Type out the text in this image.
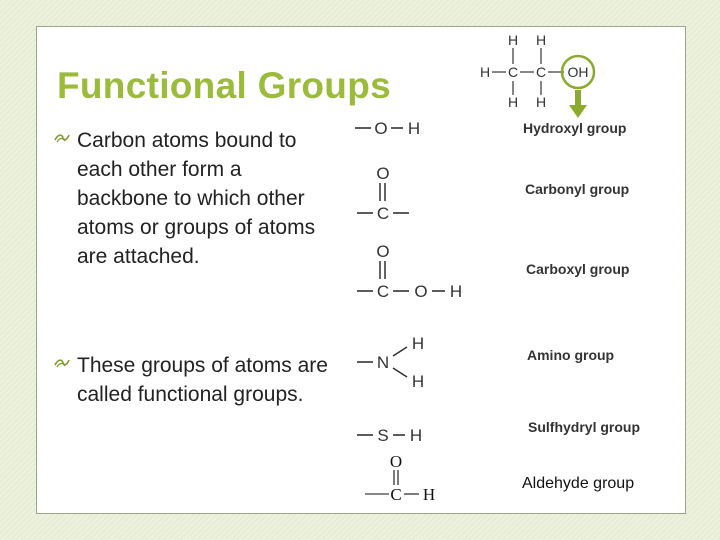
Functional Groups
Carbon atoms bound to each other form a backbone to which other atoms or groups of atoms are attached.
These groups of atoms are called functional groups.
H H
H C C OH
H H
O H	Hydroxyl group
O
C
Carbonyl group
O
C O H
Carboxyl group
N
H
H
Amino group
S H	Sulfhydryl group
O
C H
Aldehyde group
